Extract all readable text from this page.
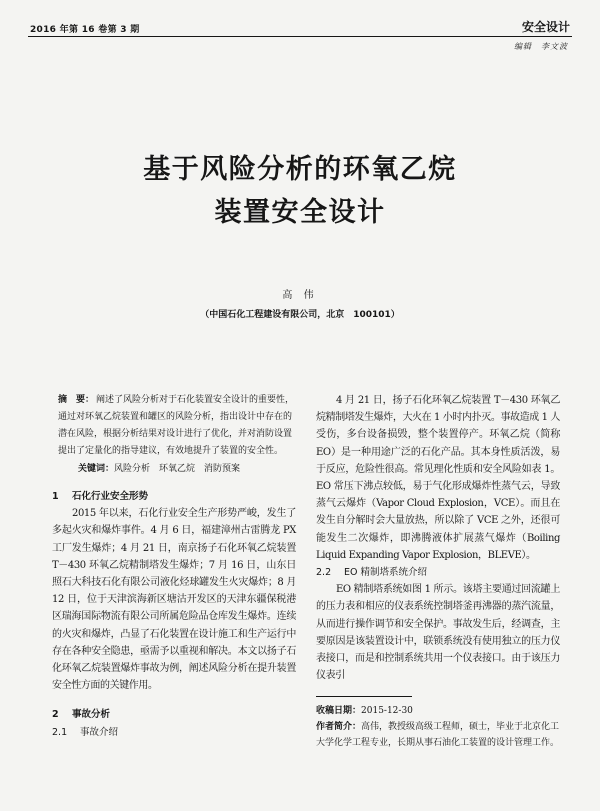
2016 年第 16 卷第 3 期	安全设计
编辑　李文波
基于风险分析的环氧乙烷
装置安全设计
高 伟
（中国石化工程建设有限公司，北京　100101）
摘　要： 阐述了风险分析对于石化装置安全设计的重要性，通过对环氧乙烷装置和罐区的风险分析，指出设计中存在的潜在风险，根据分析结果对设计进行了优化，并对消防设置提出了定量化的指导建议，有效地提升了装置的安全性。
关键词：风险分析　环氧乙烷　消防预案
1 石化行业安全形势
2015 年以来，石化行业安全生产形势严峻，发生了多起火灾和爆炸事件。4 月 6 日，福建漳州古雷腾龙 PX 工厂发生爆炸；4 月 21 日，南京扬子石化环氧乙烷装置 T－430 环氧乙烷精制塔发生爆炸；7 月 16 日，山东日照石大科技石化有限公司液化烃球罐发生火灾爆炸；8 月 12 日，位于天津滨海新区塘沽开发区的天津东疆保税港区瑞海国际物流有限公司所属危险品仓库发生爆炸。连续的火灾和爆炸，凸显了石化装置在设计施工和生产运行中存在各种安全隐患，亟需予以重视和解决。本文以扬子石化环氧乙烷装置爆炸事故为例，阐述风险分析在提升装置安全性方面的关键作用。
2 事故分析
2.1 事故介绍
4 月 21 日，扬子石化环氧乙烷装置 T－430 环氧乙烷精制塔发生爆炸，大火在 1 小时内扑灭。事故造成 1 人受伤，多台设备损毁，整个装置停产。环氧乙烷（简称 EO）是一种用途广泛的石化产品。其本身性质活泼，易于反应，危险性很高。常见理化性质和安全风险如表 1。EO 常压下沸点较低，易于气化形成爆炸性蒸气云，导致蒸气云爆炸（Vapor Cloud Explosion，VCE）。而且在发生自分解时会大量放热，所以除了 VCE 之外，还很可能发生二次爆炸，即沸腾液体扩展蒸气爆炸（Boiling Liquid Expanding Vapor Explosion，BLEVE）。
2.2 EO 精制塔系统介绍
EO 精制塔系统如图 1 所示。该塔主要通过回流罐上的压力表和相应的仪表系统控制塔釜再沸器的蒸汽流量，从而进行操作调节和安全保护。事故发生后，经调查，主要原因是该装置设计中，联锁系统没有使用独立的压力仪表接口，而是和控制系统共用一个仪表接口。由于该压力仪表引
收稿日期：2015-12-30
作者简介：高伟，教授级高级工程师，硕士，毕业于北京化工大学化学工程专业，长期从事石油化工装置的设计管理工作。
